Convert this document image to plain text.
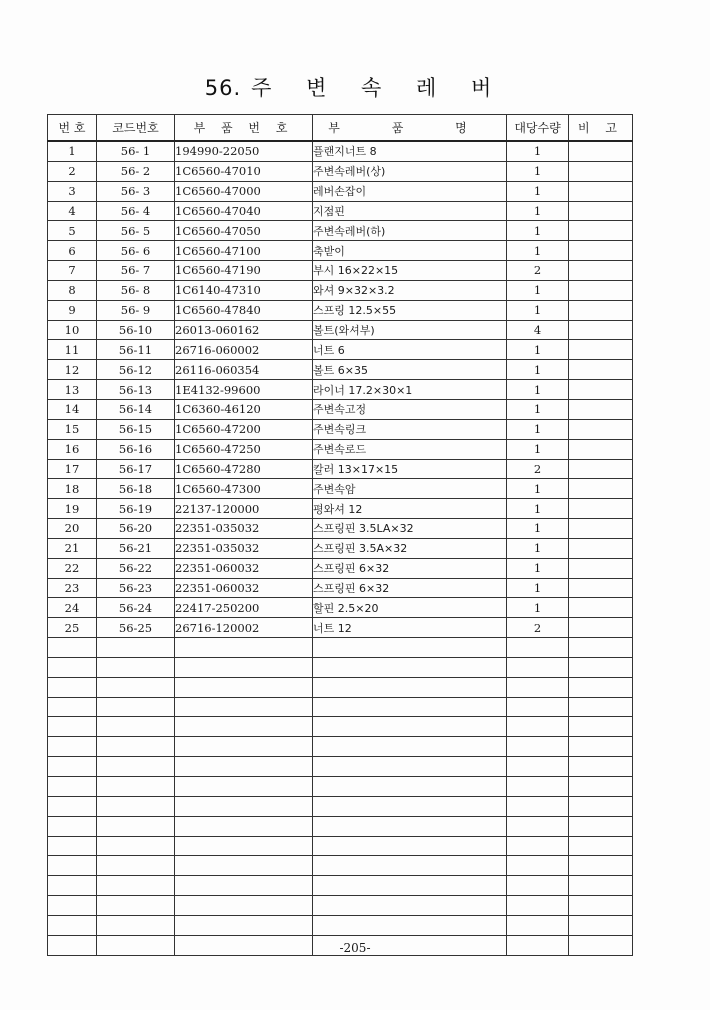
56. 주 변 속 레 버
번 호	코드번호	부 품 번 호	부 품 명	대당수량	비 고
1	56- 1	194990-22050	플랜지너트 8	1	
2	56- 2	1C6560-47010	주변속레버(상)	1	
3	56- 3	1C6560-47000	레버손잡이	1	
4	56- 4	1C6560-47040	지점핀	1	
5	56- 5	1C6560-47050	주변속레버(하)	1	
6	56- 6	1C6560-47100	축받이	1	
7	56- 7	1C6560-47190	부시 16×22×15	2	
8	56- 8	1C6140-47310	와셔 9×32×3.2	1	
9	56- 9	1C6560-47840	스프링 12.5×55	1	
10	56-10	26013-060162	볼트(와셔부)	4	
11	56-11	26716-060002	너트 6	1	
12	56-12	26116-060354	볼트 6×35	1	
13	56-13	1E4132-99600	라이너 17.2×30×1	1	
14	56-14	1C6360-46120	주변속고정	1	
15	56-15	1C6560-47200	주변속링크	1	
16	56-16	1C6560-47250	주변속로드	1	
17	56-17	1C6560-47280	칼러 13×17×15	2	
18	56-18	1C6560-47300	주변속암	1	
19	56-19	22137-120000	평와셔 12	1	
20	56-20	22351-035032	스프링핀 3.5LA×32	1	
21	56-21	22351-035032	스프링핀 3.5A×32	1	
22	56-22	22351-060032	스프링핀 6×32	1	
23	56-23	22351-060032	스프링핀 6×32	1	
24	56-24	22417-250200	할핀 2.5×20	1	
25	56-25	26716-120002	너트 12	2	

-205-
